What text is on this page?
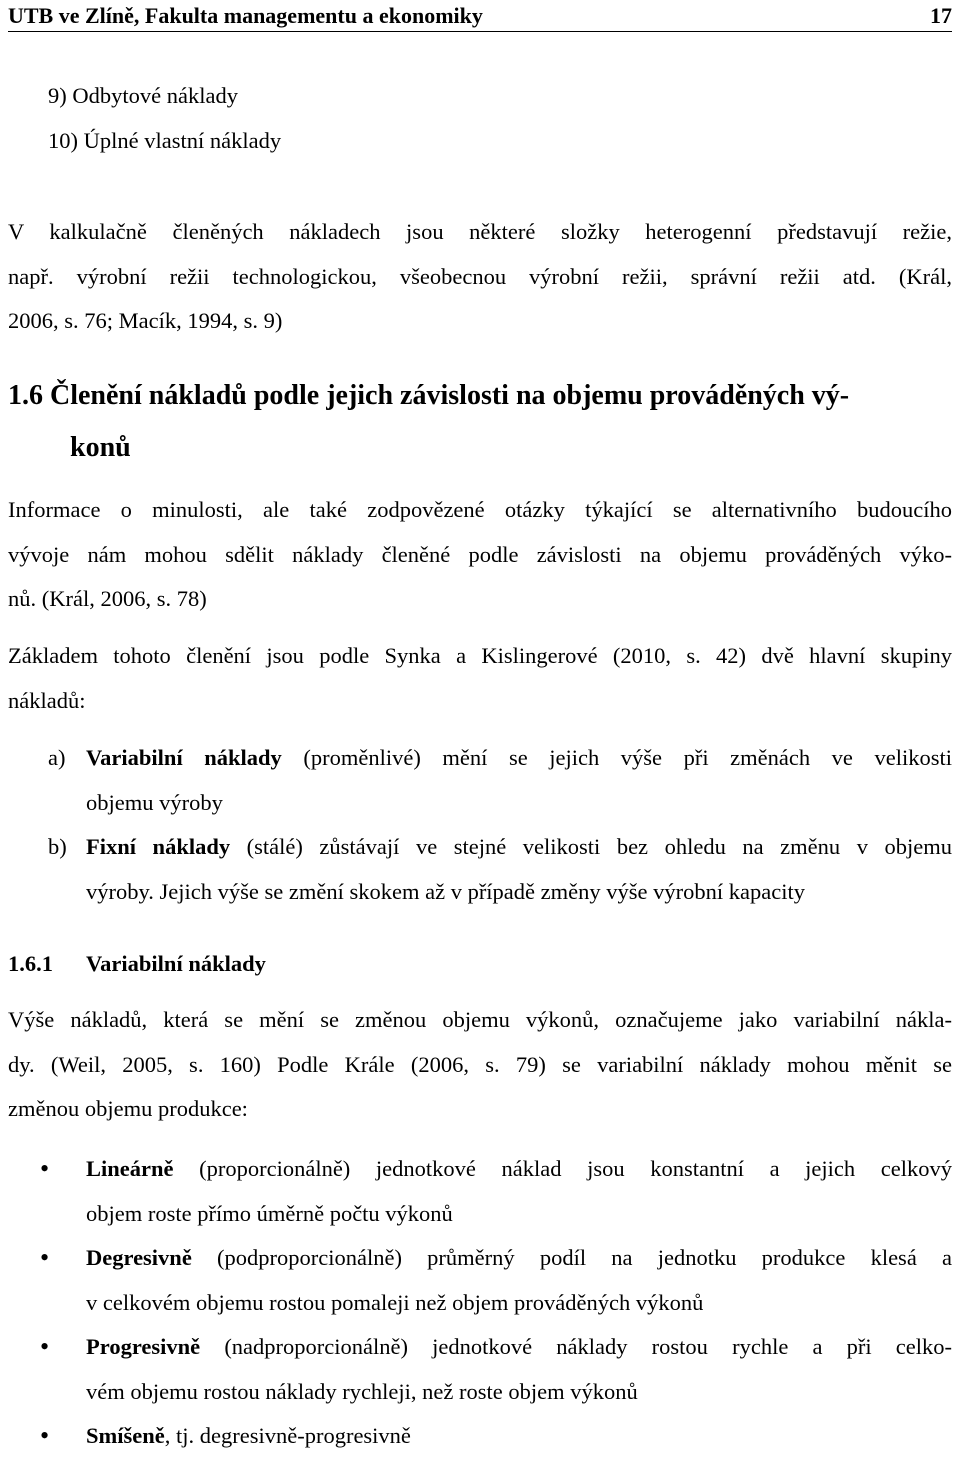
UTB ve Zlíně, Fakulta managementu a ekonomiky	17
9) Odbytové náklady
10) Úplné vlastní náklady
V kalkulačně členěných nákladech jsou některé složky heterogenní představují režie,
např. výrobní režii technologickou, všeobecnou výrobní režii, správní režii atd. (Král,
2006, s. 76; Macík, 1994, s. 9)
1.6 Členění nákladů podle jejich závislosti na objemu prováděných vý-
konů
Informace o minulosti, ale také zodpovězené otázky týkající se alternativního budoucího
vývoje nám mohou sdělit náklady členěné podle závislosti na objemu prováděných výko-
nů. (Král, 2006, s. 78)
Základem tohoto členění jsou podle Synka a Kislingerové (2010, s. 42) dvě hlavní skupiny
nákladů:
a) Variabilní náklady (proměnlivé) mění se jejich výše při změnách ve velikosti
objemu výroby
b) Fixní náklady (stálé) zůstávají ve stejné velikosti bez ohledu na změnu v objemu
výroby. Jejich výše se změní skokem až v případě změny výše výrobní kapacity
1.6.1 Variabilní náklady
Výše nákladů, která se mění se změnou objemu výkonů, označujeme jako variabilní nákla-
dy. (Weil, 2005, s. 160) Podle Krále (2006, s. 79) se variabilní náklady mohou měnit se
změnou objemu produkce:
• Lineárně (proporcionálně) jednotkové náklad jsou konstantní a jejich celkový
objem roste přímo úměrně počtu výkonů
• Degresivně (podproporcionálně) průměrný podíl na jednotku produkce klesá a
v celkovém objemu rostou pomaleji než objem prováděných výkonů
• Progresivně (nadproporcionálně) jednotkové náklady rostou rychle a při celko-
vém objemu rostou náklady rychleji, než roste objem výkonů
• Smíšeně, tj. degresivně-progresivně
